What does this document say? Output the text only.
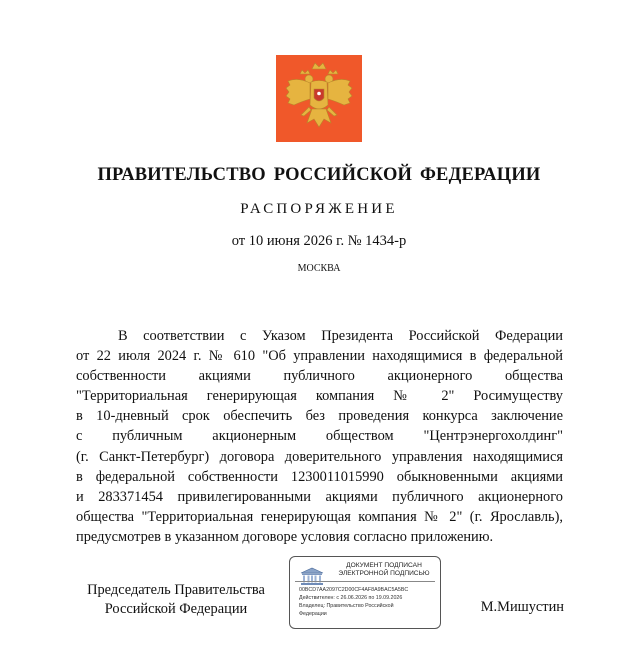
ПРАВИТЕЛЬСТВО РОССИЙСКОЙ ФЕДЕРАЦИИ
РАСПОРЯЖЕНИЕ
от 10 июня 2026 г. № 1434-р
МОСКВА
В соответствии с Указом Президента Российской Федерации
от 22 июля 2024 г. № 610 "Об управлении находящимися в федеральной
собственности акциями публичного акционерного общества
"Территориальная генерирующая компания № 2" Росимуществу
в 10-дневный срок обеспечить без проведения конкурса заключение
с публичным акционерным обществом "Центрэнергохолдинг"
(г. Санкт-Петербург) договора доверительного управления находящимися
в федеральной собственности 1230011015990 обыкновенными акциями
и 283371454 привилегированными акциями публичного акционерного
общества "Территориальная генерирующая компания № 2" (г. Ярославль),
предусмотрев в указанном договоре условия согласно приложению.
Председатель Правительства
Российской Федерации
ДОКУМЕНТ ПОДПИСАН
ЭЛЕКТРОННОЙ ПОДПИСЬЮ
00BCD7AA2097C2D00CF4AF8A9BAC5A5BC
Действителен: с 26.06.2026 по 19.09.2026
Владелец: Правительство Российской
Федерации	М.Мишустин
